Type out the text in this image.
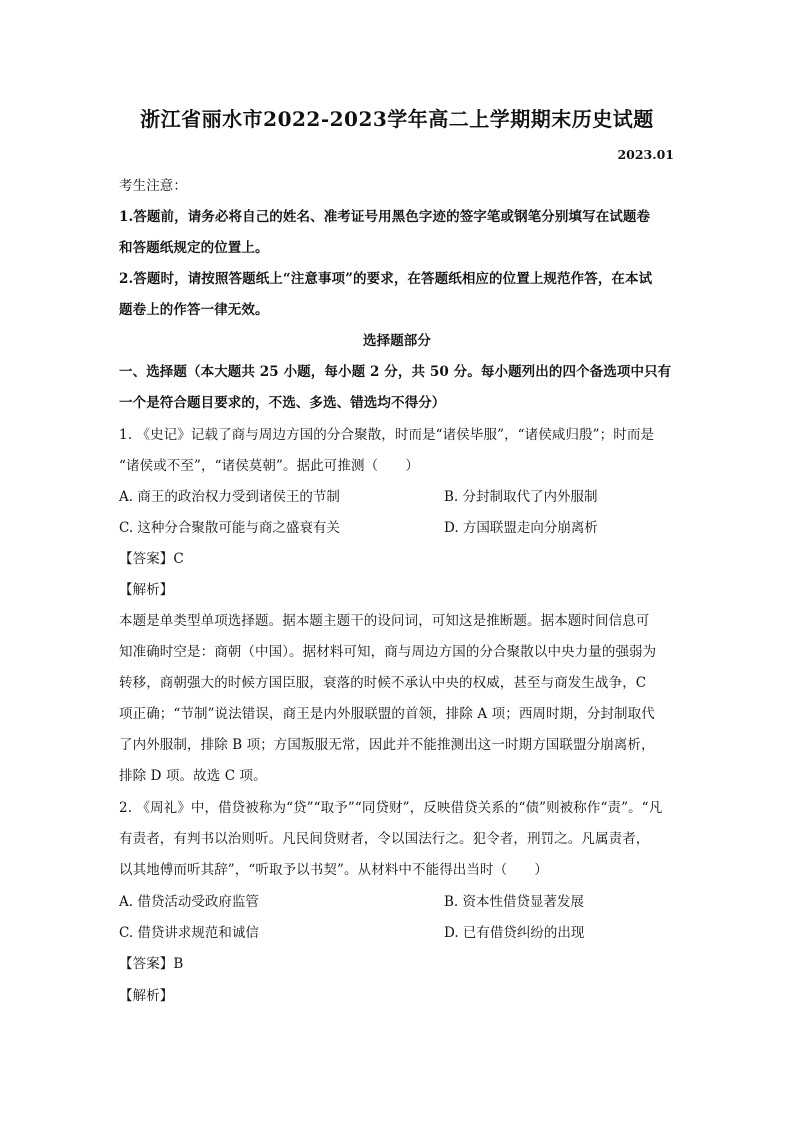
浙江省丽水市2022-2023学年高二上学期期末历史试题
2023.01
考生注意：
1.答题前，请务必将自己的姓名、准考证号用黑色字迹的签字笔或钢笔分别填写在试题卷
和答题纸规定的位置上。
2.答题时，请按照答题纸上“注意事项”的要求，在答题纸相应的位置上规范作答，在本试
题卷上的作答一律无效。
选择题部分
一、选择题（本大题共 25 小题，每小题 2 分，共 50 分。每小题列出的四个备选项中只有
一个是符合题目要求的，不选、多选、错选均不得分）
1. 《史记》记载了商与周边方国的分合聚散，时而是“诸侯毕服”，“诸侯咸归殷”；时而是
“诸侯或不至”，“诸侯莫朝”。据此可推测（　　）
A. 商王的政治权力受到诸侯王的节制	B. 分封制取代了内外服制
C. 这种分合聚散可能与商之盛衰有关	D. 方国联盟走向分崩离析
【答案】C
【解析】
本题是单类型单项选择题。据本题主题干的设问词，可知这是推断题。据本题时间信息可
知准确时空是：商朝（中国）。据材料可知，商与周边方国的分合聚散以中央力量的强弱为
转移，商朝强大的时候方国臣服，衰落的时候不承认中央的权威，甚至与商发生战争，C
项正确；“节制”说法错误，商王是内外服联盟的首领，排除 A 项；西周时期，分封制取代
了内外服制，排除 B 项；方国叛服无常，因此并不能推测出这一时期方国联盟分崩离析，
排除 D 项。故选 C 项。
2. 《周礼》中，借贷被称为“贷”“取予”“同贷财”，反映借贷关系的“债”则被称作“责”。“凡
有责者，有判书以治则听。凡民间贷财者，令以国法行之。犯令者，刑罚之。凡属责者，
以其地傅而听其辞”，“听取予以书契”。从材料中不能得出当时（　　）
A. 借贷活动受政府监管	B. 资本性借贷显著发展
C. 借贷讲求规范和诚信	D. 已有借贷纠纷的出现
【答案】B
【解析】
